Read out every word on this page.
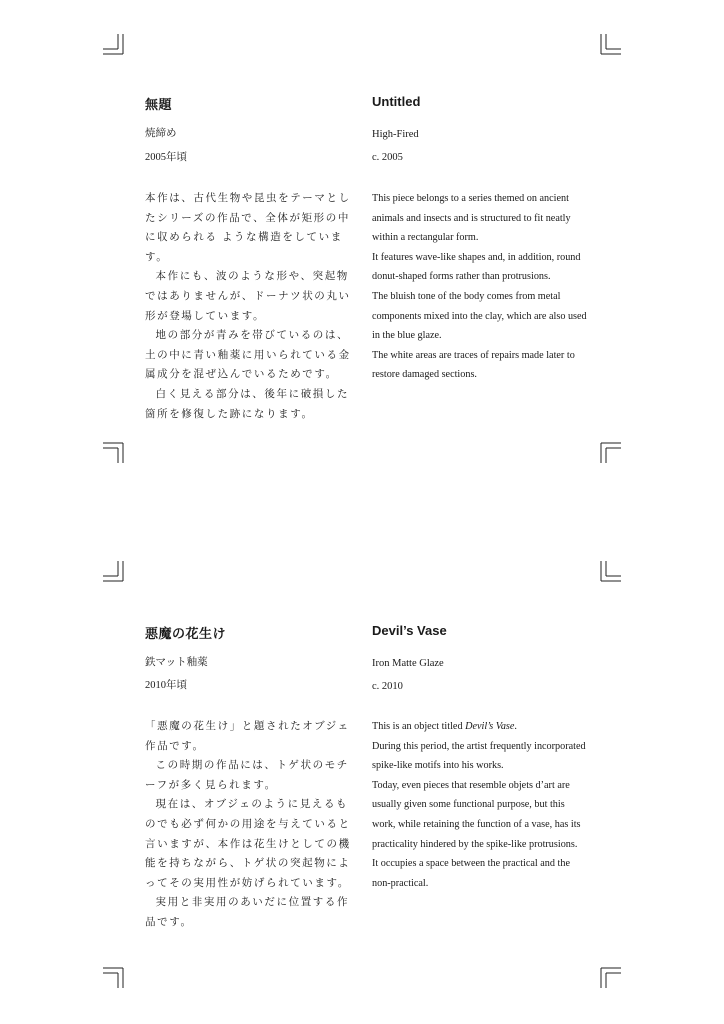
無題
焼締め
2005年頃

本作は、古代生物や昆虫をテーマとしたシリーズの作品で、全体が矩形の中に収められる ような構造をしています。

本作にも、波のような形や、突起物ではありませんが、ドーナツ状の丸い形が登場しています。

地の部分が青みを帯びているのは、土の中に青い釉薬に用いられている金属成分を混ぜ込んでいるためです。

白く見える部分は、後年に破損した箇所を修復した跡になります。

Untitled
High-Fired
c. 2005

This piece belongs to a series themed on ancient animals and insects and is structured to fit neatly within a rectangular form.

It features wave-like shapes and, in addition, round donut-shaped forms rather than protrusions.

The bluish tone of the body comes from metal components mixed into the clay, which are also used in the blue glaze.

The white areas are traces of repairs made later to restore damaged sections.

悪魔の花生け
鉄マット釉薬
2010年頃

「悪魔の花生け」と題されたオブジェ作品です。

この時期の作品には、トゲ状のモチーフが多く見られます。

現在は、オブジェのように見えるものでも必ず何かの用途を与えていると言いますが、本作は花生けとしての機能を持ちながら、トゲ状の突起物によってその実用性が妨げられています。

実用と非実用のあいだに位置する作品です。

Devil’s Vase
Iron Matte Glaze
c. 2010

This is an object titled Devil’s Vase.

During this period, the artist frequently incorporated spike-like motifs into his works.

Today, even pieces that resemble objets d’art are usually given some functional purpose, but this work, while retaining the function of a vase, has its practicality hindered by the spike-like protrusions.

It occupies a space between the practical and the non-practical.
